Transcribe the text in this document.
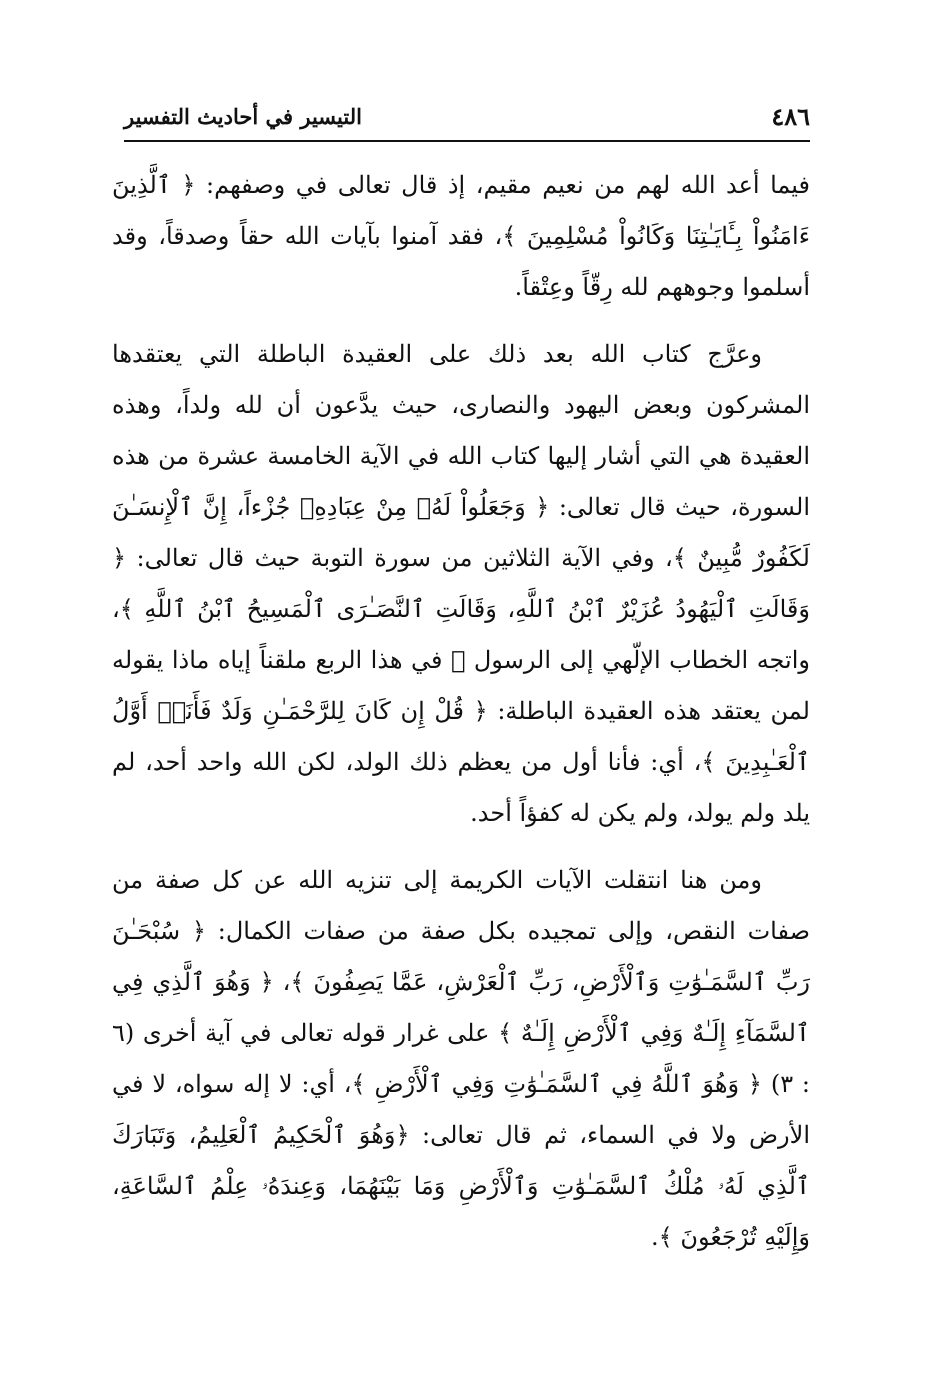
٤٨٦
التيسير في أحاديث التفسير

فيما أعد الله لهم من نعيم مقيم، إذ قال تعالى في وصفهم: ﴿ ٱلَّذِينَ ءَامَنُواْ بِـَٔايَـٰتِنَا وَكَانُواْ مُسْلِمِينَ ﴾، فقد آمنوا بآيات الله حقاً وصدقاً، وقد أسلموا وجوههم لله رِقّاً وعِتْقاً.

وعرَّج كتاب الله بعد ذلك على العقيدة الباطلة التي يعتقدها المشركون وبعض اليهود والنصارى، حيث يدَّعون أن لله ولداً، وهذه العقيدة هي التي أشار إليها كتاب الله في الآية الخامسة عشرة من هذه السورة، حيث قال تعالى: ﴿ وَجَعَلُواْ لَهُۥ مِنْ عِبَادِهِۦ جُزْءاً، إِنَّ ٱلْإِنسَـٰنَ لَكَفُورٌ مُّبِينٌ ﴾، وفي الآية الثلاثين من سورة التوبة حيث قال تعالى: ﴿ وَقَالَتِ ٱلْيَهُودُ عُزَيْرٌ ٱبْنُ ٱللَّهِ، وَقَالَتِ ٱلنَّصَـٰرَى ٱلْمَسِيحُ ٱبْنُ ٱللَّهِ ﴾، واتجه الخطاب الإلّهي إلى الرسول ﷺ في هذا الربع ملقناً إياه ماذا يقوله لمن يعتقد هذه العقيدة الباطلة: ﴿ قُلْ إِن كَانَ لِلرَّحْمَـٰنِ وَلَدٌ فَأَنَا۠ أَوَّلُ ٱلْعَـٰبِدِينَ ﴾، أي: فأنا أول من يعظم ذلك الولد، لكن الله واحد أحد، لم يلد ولم يولد، ولم يكن له كفؤاً أحد.

ومن هنا انتقلت الآيات الكريمة إلى تنزيه الله عن كل صفة من صفات النقص، وإلى تمجيده بكل صفة من صفات الكمال: ﴿ سُبْحَـٰنَ رَبِّ ٱلسَّمَـٰوَٰتِ وَٱلْأَرْضِ، رَبِّ ٱلْعَرْشِ، عَمَّا يَصِفُونَ ﴾، ﴿ وَهُوَ ٱلَّذِي فِي ٱلسَّمَآءِ إِلَـٰهٌ وَفِي ٱلْأَرْضِ إِلَـٰهٌ ﴾ على غرار قوله تعالى في آية أخرى (٦ : ٣) ﴿ وَهُوَ ٱللَّهُ فِي ٱلسَّمَـٰوَٰتِ وَفِي ٱلْأَرْضِ ﴾، أي: لا إله سواه، لا في الأرض ولا في السماء، ثم قال تعالى: ﴿وَهُوَ ٱلْحَكِيمُ ٱلْعَلِيمُ، وَتَبَارَكَ ٱلَّذِي لَهُۥ مُلْكُ ٱلسَّمَـٰوَٰتِ وَٱلْأَرْضِ وَمَا بَيْنَهُمَا، وَعِندَهُۥ عِلْمُ ٱلسَّاعَةِ، وَإِلَيْهِ تُرْجَعُونَ ﴾.
